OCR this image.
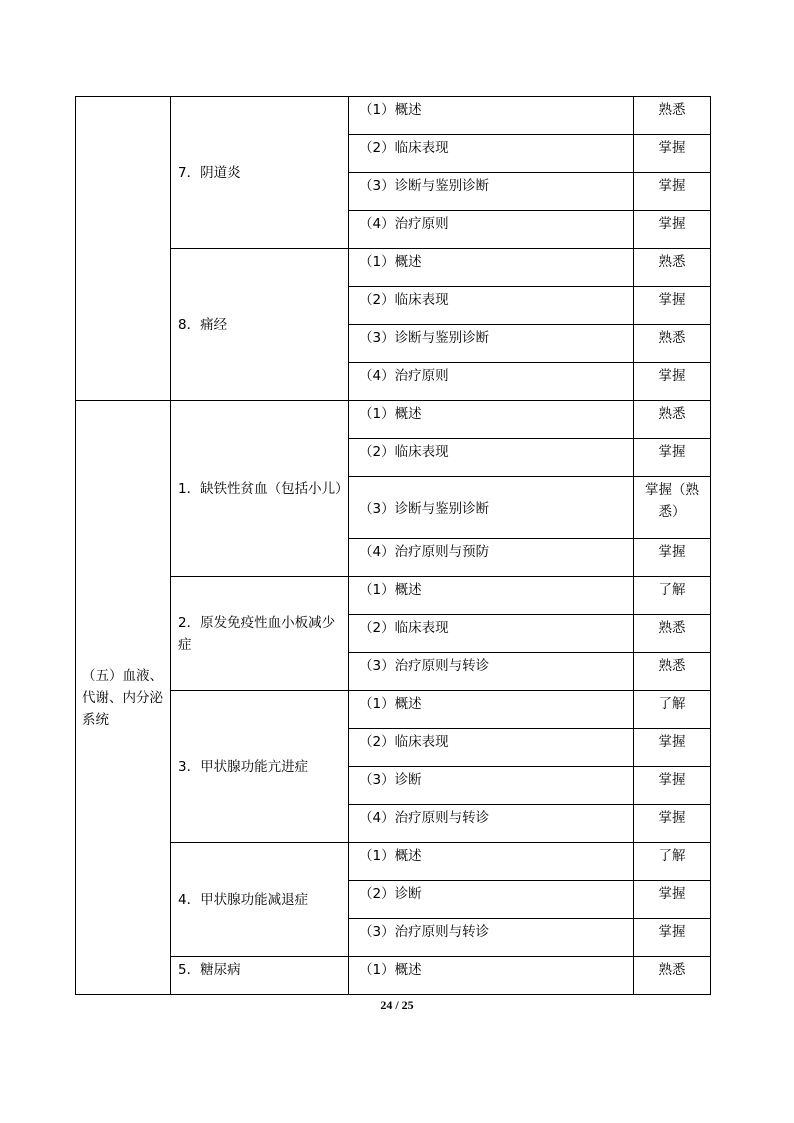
	7．阴道炎	（1）概述	熟悉
		（2）临床表现	掌握
		（3）诊断与鉴别诊断	掌握
		（4）治疗原则	掌握
	8．痛经	（1）概述	熟悉
		（2）临床表现	掌握
		（3）诊断与鉴别诊断	熟悉
		（4）治疗原则	掌握
（五）血液、代谢、内分泌系统	1．缺铁性贫血（包括小儿）	（1）概述	熟悉
		（2）临床表现	掌握
		（3）诊断与鉴别诊断	掌握（熟悉）
		（4）治疗原则与预防	掌握
	2．原发免疫性血小板减少症	（1）概述	了解
		（2）临床表现	熟悉
		（3）治疗原则与转诊	熟悉
	3．甲状腺功能亢进症	（1）概述	了解
		（2）临床表现	掌握
		（3）诊断	掌握
		（4）治疗原则与转诊	掌握
	4．甲状腺功能减退症	（1）概述	了解
		（2）诊断	掌握
		（3）治疗原则与转诊	掌握
	5．糖尿病	（1）概述	熟悉
24 / 25
